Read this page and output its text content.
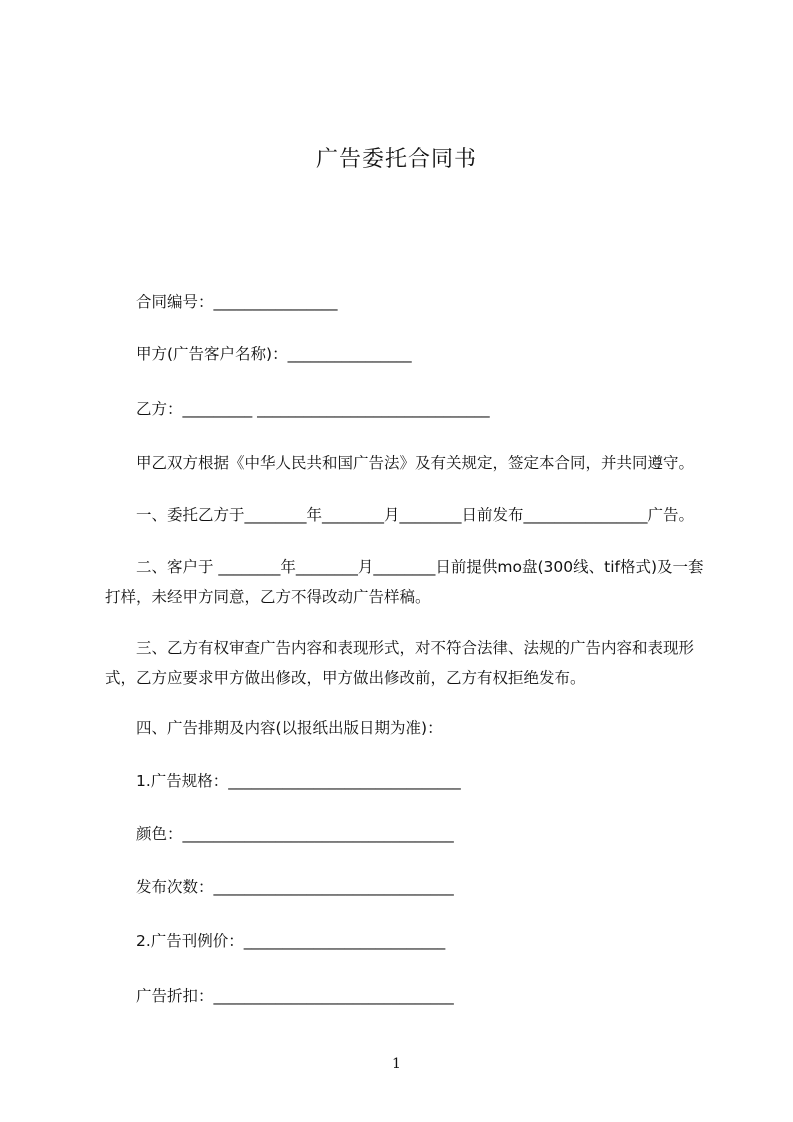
广告委托合同书
合同编号：________________
甲方(广告客户名称)：________________
乙方：_________ ______________________________
甲乙双方根据《中华人民共和国广告法》及有关规定，签定本合同，并共同遵守。
一、委托乙方于________年________月________日前发布________________广告。
二、客户于 ________年________月________日前提供mo盘(300线、tif格式)及一套打样，未经甲方同意，乙方不得改动广告样稿。
三、乙方有权审查广告内容和表现形式，对不符合法律、法规的广告内容和表现形式，乙方应要求甲方做出修改，甲方做出修改前，乙方有权拒绝发布。
四、广告排期及内容(以报纸出版日期为准)：
1.广告规格：______________________________
颜色：___________________________________
发布次数：_______________________________
2.广告刊例价：__________________________
广告折扣：_______________________________
1
